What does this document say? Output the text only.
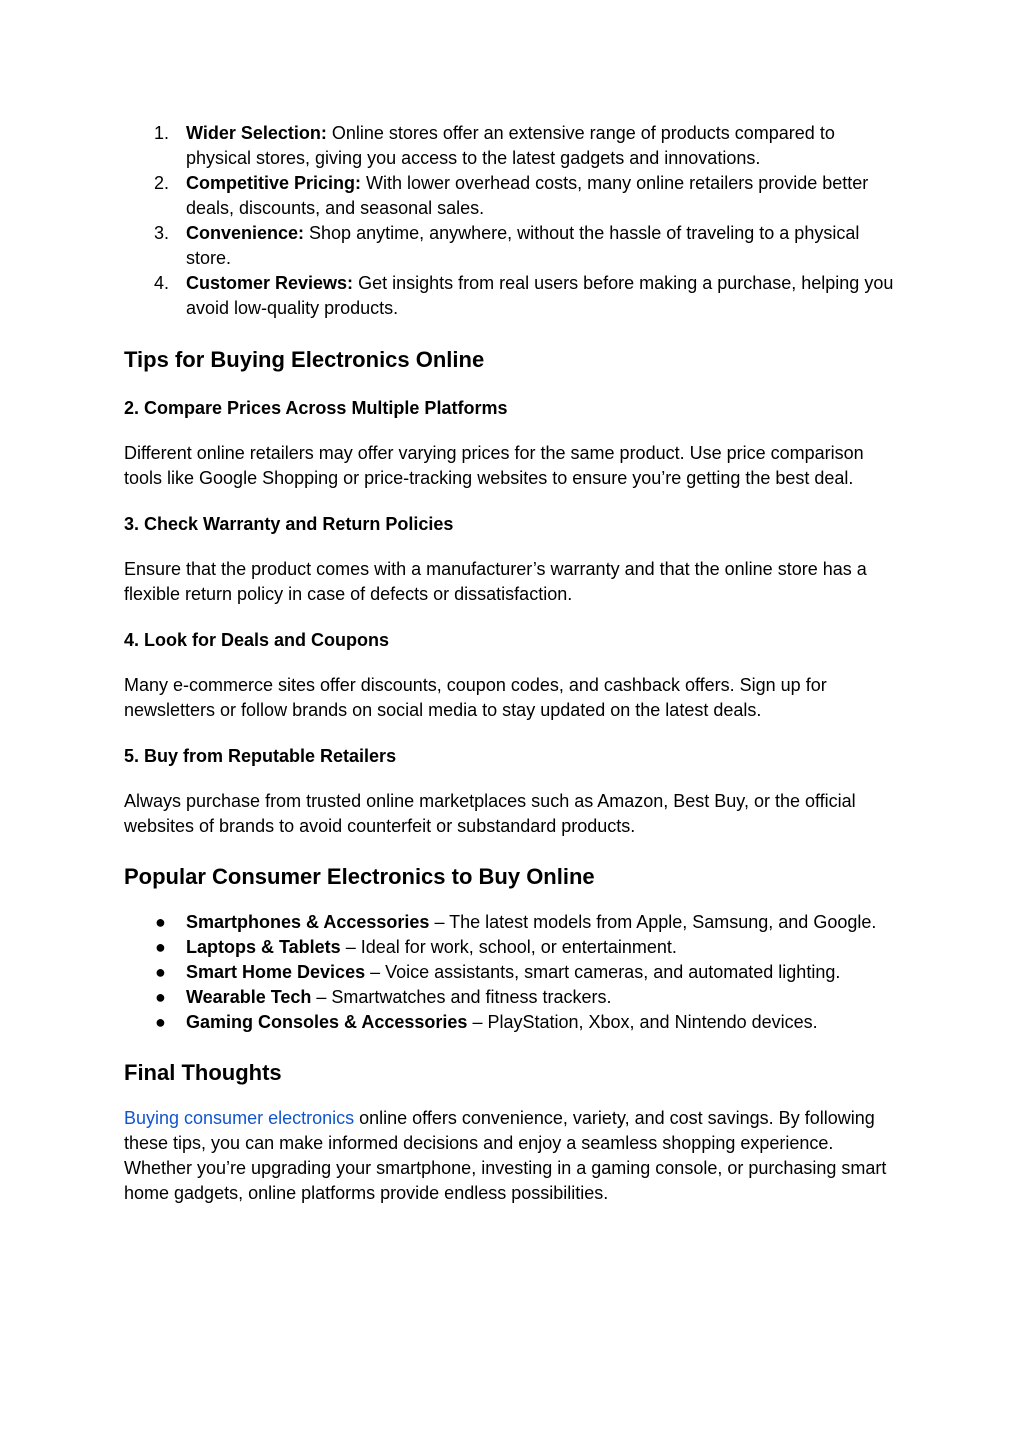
1. Wider Selection: Online stores offer an extensive range of products compared to physical stores, giving you access to the latest gadgets and innovations.
2. Competitive Pricing: With lower overhead costs, many online retailers provide better deals, discounts, and seasonal sales.
3. Convenience: Shop anytime, anywhere, without the hassle of traveling to a physical store.
4. Customer Reviews: Get insights from real users before making a purchase, helping you avoid low-quality products.
Tips for Buying Electronics Online
2. Compare Prices Across Multiple Platforms

Different online retailers may offer varying prices for the same product. Use price comparison tools like Google Shopping or price-tracking websites to ensure you’re getting the best deal.

3. Check Warranty and Return Policies

Ensure that the product comes with a manufacturer’s warranty and that the online store has a flexible return policy in case of defects or dissatisfaction.

4. Look for Deals and Coupons

Many e-commerce sites offer discounts, coupon codes, and cashback offers. Sign up for newsletters or follow brands on social media to stay updated on the latest deals.

5. Buy from Reputable Retailers

Always purchase from trusted online marketplaces such as Amazon, Best Buy, or the official websites of brands to avoid counterfeit or substandard products.

Popular Consumer Electronics to Buy Online
● Smartphones & Accessories – The latest models from Apple, Samsung, and Google.
● Laptops & Tablets – Ideal for work, school, or entertainment.
● Smart Home Devices – Voice assistants, smart cameras, and automated lighting.
● Wearable Tech – Smartwatches and fitness trackers.
● Gaming Consoles & Accessories – PlayStation, Xbox, and Nintendo devices.
Final Thoughts

Buying consumer electronics online offers convenience, variety, and cost savings. By following these tips, you can make informed decisions and enjoy a seamless shopping experience. Whether you’re upgrading your smartphone, investing in a gaming console, or purchasing smart home gadgets, online platforms provide endless possibilities.
